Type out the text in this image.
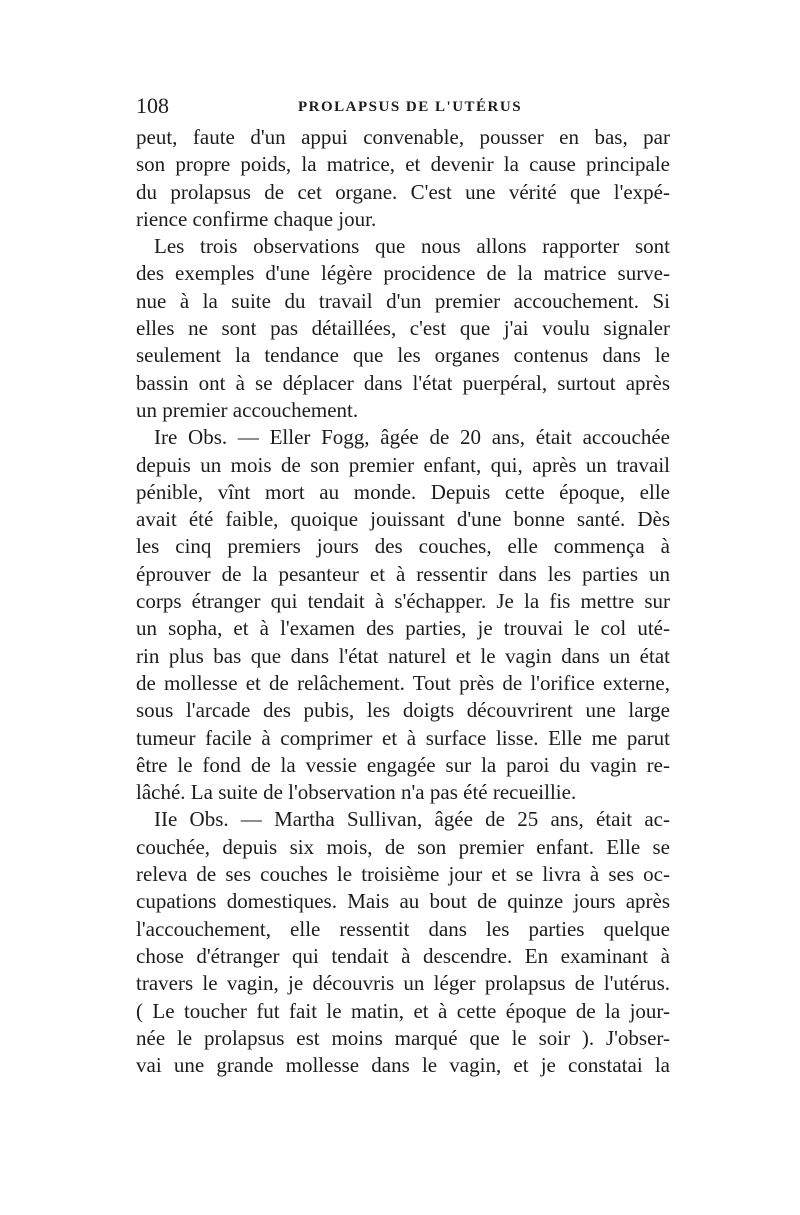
108	PROLAPSUS DE L'UTÉRUS
peut, faute d'un appui convenable, pousser en bas, par
son propre poids, la matrice, et devenir la cause principale
du prolapsus de cet organe. C'est une vérité que l'expé-
rience confirme chaque jour.
Les trois observations que nous allons rapporter sont
des exemples d'une légère procidence de la matrice surve-
nue à la suite du travail d'un premier accouchement. Si
elles ne sont pas détaillées, c'est que j'ai voulu signaler
seulement la tendance que les organes contenus dans le
bassin ont à se déplacer dans l'état puerpéral, surtout après
un premier accouchement.
Ire Obs. — Eller Fogg, âgée de 20 ans, était accouchée
depuis un mois de son premier enfant, qui, après un travail
pénible, vînt mort au monde. Depuis cette époque, elle
avait été faible, quoique jouissant d'une bonne santé. Dès
les cinq premiers jours des couches, elle commença à
éprouver de la pesanteur et à ressentir dans les parties un
corps étranger qui tendait à s'échapper. Je la fis mettre sur
un sopha, et à l'examen des parties, je trouvai le col uté-
rin plus bas que dans l'état naturel et le vagin dans un état
de mollesse et de relâchement. Tout près de l'orifice externe,
sous l'arcade des pubis, les doigts découvrirent une large
tumeur facile à comprimer et à surface lisse. Elle me parut
être le fond de la vessie engagée sur la paroi du vagin re-
lâché. La suite de l'observation n'a pas été recueillie.
IIe Obs. — Martha Sullivan, âgée de 25 ans, était ac-
couchée, depuis six mois, de son premier enfant. Elle se
releva de ses couches le troisième jour et se livra à ses oc-
cupations domestiques. Mais au bout de quinze jours après
l'accouchement, elle ressentit dans les parties quelque
chose d'étranger qui tendait à descendre. En examinant à
travers le vagin, je découvris un léger prolapsus de l'utérus.
( Le toucher fut fait le matin, et à cette époque de la jour-
née le prolapsus est moins marqué que le soir ). J'obser-
vai une grande mollesse dans le vagin, et je constatai la
